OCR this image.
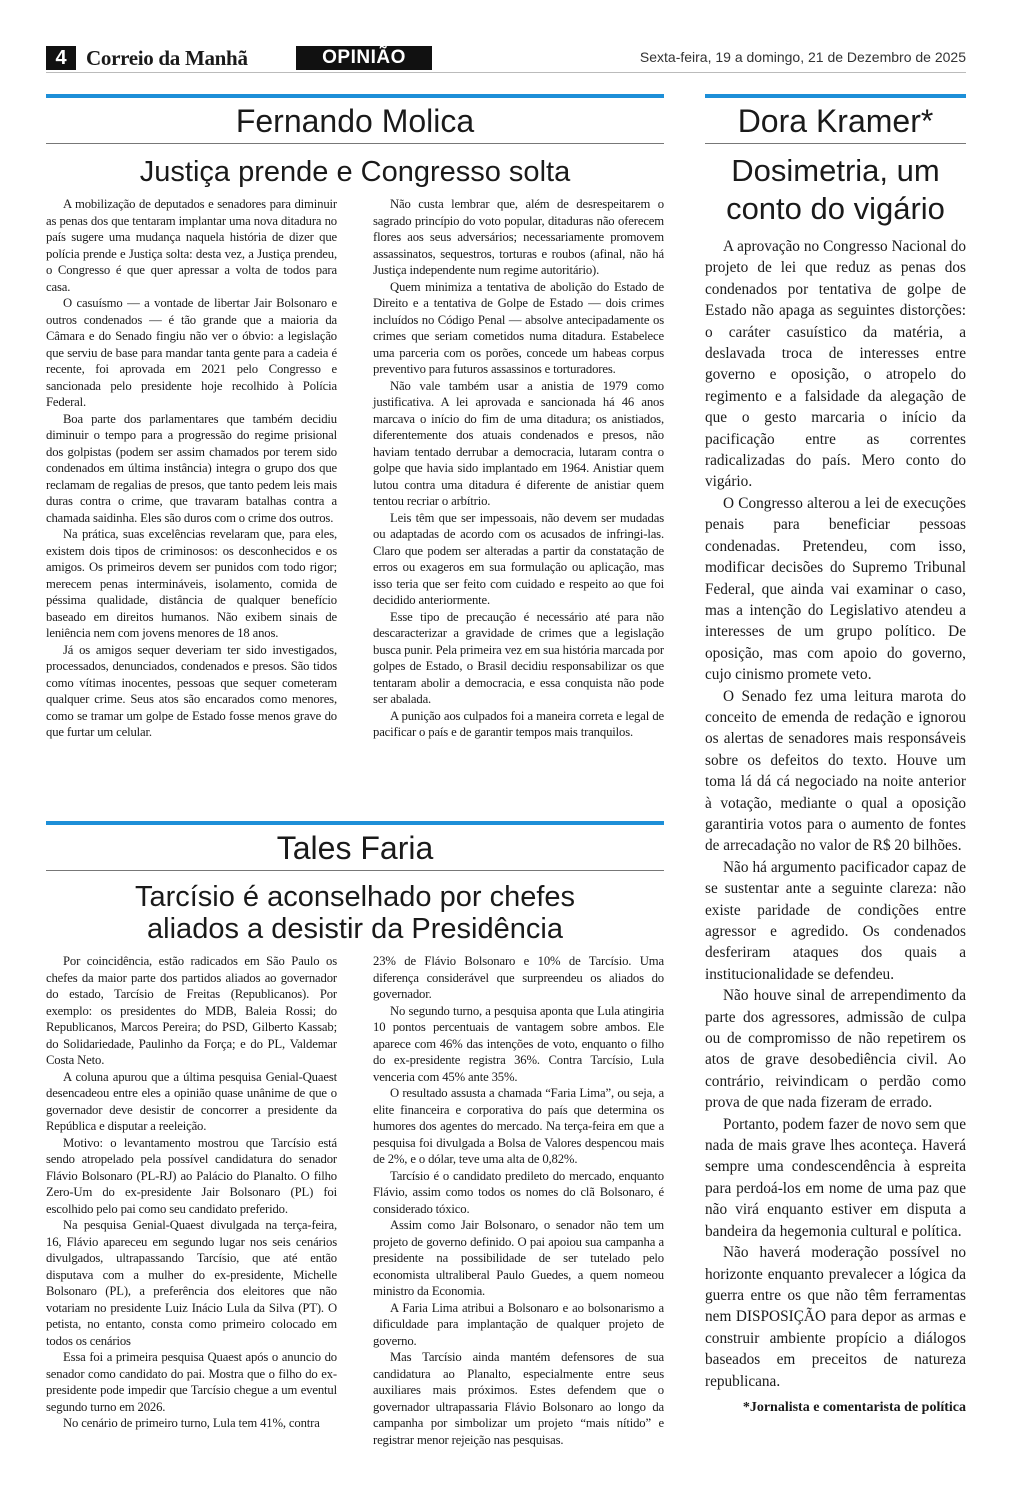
4 Correio da Manhã	OPINIÃO	Sexta-feira, 19 a domingo, 21 de Dezembro de 2025
Fernando Molica
Justiça prende e Congresso solta

A mobilização de deputados e senadores para diminuir as penas dos que tentaram implantar uma nova ditadura no país sugere uma mudança naquela história de dizer que polícia prende e Justiça solta: desta vez, a Justiça prendeu, o Congresso é que quer apressar a volta de todos para casa.

O casuísmo — a vontade de libertar Jair Bolsonaro e outros condenados — é tão grande que a maioria da Câmara e do Senado fingiu não ver o óbvio: a legislação que serviu de base para mandar tanta gente para a cadeia é recente, foi aprovada em 2021 pelo Congresso e sancionada pelo presidente hoje recolhido à Polícia Federal.

Boa parte dos parlamentares que também decidiu diminuir o tempo para a progressão do regime prisional dos golpistas (podem ser assim chamados por terem sido condenados em última instância) integra o grupo dos que reclamam de regalias de presos, que tanto pedem leis mais duras contra o crime, que travaram batalhas contra a chamada saidinha. Eles são duros com o crime dos outros.

Na prática, suas excelências revelaram que, para eles, existem dois tipos de criminosos: os desconhecidos e os amigos. Os primeiros devem ser punidos com todo rigor; merecem penas intermináveis, isolamento, comida de péssima qualidade, distância de qualquer benefício baseado em direitos humanos. Não exibem sinais de leniência nem com jovens menores de 18 anos.

Já os amigos sequer deveriam ter sido investigados, processados, denunciados, condenados e presos. São tidos como vítimas inocentes, pessoas que sequer cometeram qualquer crime. Seus atos são encarados como menores, como se tramar um golpe de Estado fosse menos grave do que furtar um celular.

Não custa lembrar que, além de desrespeitarem o sagrado princípio do voto popular, ditaduras não oferecem flores aos seus adversários; necessariamente promovem assassinatos, sequestros, torturas e roubos (afinal, não há Justiça independente num regime autoritário).

Quem minimiza a tentativa de abolição do Estado de Direito e a tentativa de Golpe de Estado — dois crimes incluídos no Código Penal — absolve antecipadamente os crimes que seriam cometidos numa ditadura. Estabelece uma parceria com os porões, concede um habeas corpus preventivo para futuros assassinos e torturadores.

Não vale também usar a anistia de 1979 como justificativa. A lei aprovada e sancionada há 46 anos marcava o início do fim de uma ditadura; os anistiados, diferentemente dos atuais condenados e presos, não haviam tentado derrubar a democracia, lutaram contra o golpe que havia sido implantado em 1964. Anistiar quem lutou contra uma ditadura é diferente de anistiar quem tentou recriar o arbítrio.

Leis têm que ser impessoais, não devem ser mudadas ou adaptadas de acordo com os acusados de infringi-las. Claro que podem ser alteradas a partir da constatação de erros ou exageros em sua formulação ou aplicação, mas isso teria que ser feito com cuidado e respeito ao que foi decidido anteriormente.

Esse tipo de precaução é necessário até para não descaracterizar a gravidade de crimes que a legislação busca punir. Pela primeira vez em sua história marcada por golpes de Estado, o Brasil decidiu responsabilizar os que tentaram abolir a democracia, e essa conquista não pode ser abalada.

A punição aos culpados foi a maneira correta e legal de pacificar o país e de garantir tempos mais tranquilos.

Tales Faria
Tarcísio é aconselhado por chefes
aliados a desistir da Presidência

Por coincidência, estão radicados em São Paulo os chefes da maior parte dos partidos aliados ao governador do estado, Tarcísio de Freitas (Republicanos). Por exemplo: os presidentes do MDB, Baleia Rossi; do Republicanos, Marcos Pereira; do PSD, Gilberto Kassab; do Solidariedade, Paulinho da Força; e do PL, Valdemar Costa Neto.

A coluna apurou que a última pesquisa Genial-Quaest desencadeou entre eles a opinião quase unânime de que o governador deve desistir de concorrer a presidente da República e disputar a reeleição.

Motivo: o levantamento mostrou que Tarcísio está sendo atropelado pela possível candidatura do senador Flávio Bolsonaro (PL-RJ) ao Palácio do Planalto. O filho Zero-Um do ex-presidente Jair Bolsonaro (PL) foi escolhido pelo pai como seu candidato preferido.

Na pesquisa Genial-Quaest divulgada na terça-feira, 16, Flávio apareceu em segundo lugar nos seis cenários divulgados, ultrapassando Tarcísio, que até então disputava com a mulher do ex-presidente, Michelle Bolsonaro (PL), a preferência dos eleitores que não votariam no presidente Luiz Inácio Lula da Silva (PT). O petista, no entanto, consta como primeiro colocado em todos os cenários

Essa foi a primeira pesquisa Quaest após o anuncio do senador como candidato do pai. Mostra que o filho do ex-presidente pode impedir que Tarcísio chegue a um eventul segundo turno em 2026.

No cenário de primeiro turno, Lula tem 41%, contra

23% de Flávio Bolsonaro e 10% de Tarcísio. Uma diferença considerável que surpreendeu os aliados do governador.

No segundo turno, a pesquisa aponta que Lula atingiria 10 pontos percentuais de vantagem sobre ambos. Ele aparece com 46% das intenções de voto, enquanto o filho do ex-presidente registra 36%. Contra Tarcísio, Lula venceria com 45% ante 35%.

O resultado assusta a chamada “Faria Lima”, ou seja, a elite financeira e corporativa do país que determina os humores dos agentes do mercado. Na terça-feira em que a pesquisa foi divulgada a Bolsa de Valores despencou mais de 2%, e o dólar, teve uma alta de 0,82%.

Tarcísio é o candidato predileto do mercado, enquanto Flávio, assim como todos os nomes do clã Bolsonaro, é considerado tóxico.

Assim como Jair Bolsonaro, o senador não tem um projeto de governo definido. O pai apoiou sua campanha a presidente na possibilidade de ser tutelado pelo economista ultraliberal Paulo Guedes, a quem nomeou ministro da Economia.

A Faria Lima atribui a Bolsonaro e ao bolsonarismo a dificuldade para implantação de qualquer projeto de governo.

Mas Tarcísio ainda mantém defensores de sua candidatura ao Planalto, especialmente entre seus auxiliares mais próximos. Estes defendem que o governador ultrapassaria Flávio Bolsonaro ao longo da campanha por simbolizar um projeto “mais nítido” e registrar menor rejeição nas pesquisas.

Dora Kramer*
Dosimetria, um
conto do vigário

A aprovação no Congresso Nacional do projeto de lei que reduz as penas dos condenados por tentativa de golpe de Estado não apaga as seguintes distorções: o caráter casuístico da matéria, a deslavada troca de interesses entre governo e oposição, o atropelo do regimento e a falsidade da alegação de que o gesto marcaria o início da pacificação entre as correntes radicalizadas do país. Mero conto do vigário.

O Congresso alterou a lei de execuções penais para beneficiar pessoas condenadas. Pretendeu, com isso, modificar decisões do Supremo Tribunal Federal, que ainda vai examinar o caso, mas a intenção do Legislativo atendeu a interesses de um grupo político. De oposição, mas com apoio do governo, cujo cinismo promete veto.

O Senado fez uma leitura marota do conceito de emenda de redação e ignorou os alertas de senadores mais responsáveis sobre os defeitos do texto. Houve um toma lá dá cá negociado na noite anterior à votação, mediante o qual a oposição garantiria votos para o aumento de fontes de arrecadação no valor de R$ 20 bilhões.

Não há argumento pacificador capaz de se sustentar ante a seguinte clareza: não existe paridade de condições entre agressor e agredido. Os condenados desferiram ataques dos quais a institucionalidade se defendeu.

Não houve sinal de arrependimento da parte dos agressores, admissão de culpa ou de compromisso de não repetirem os atos de grave desobediência civil. Ao contrário, reivindicam o perdão como prova de que nada fizeram de errado.

Portanto, podem fazer de novo sem que nada de mais grave lhes aconteça. Haverá sempre uma condescendência à espreita para perdoá-los em nome de uma paz que não virá enquanto estiver em disputa a bandeira da hegemonia cultural e política.

Não haverá moderação possível no horizonte enquanto prevalecer a lógica da guerra entre os que não têm ferramentas nem DISPOSIÇÃO para depor as armas e construir ambiente propício a diálogos baseados em preceitos de natureza republicana.

*Jornalista e comentarista de política
